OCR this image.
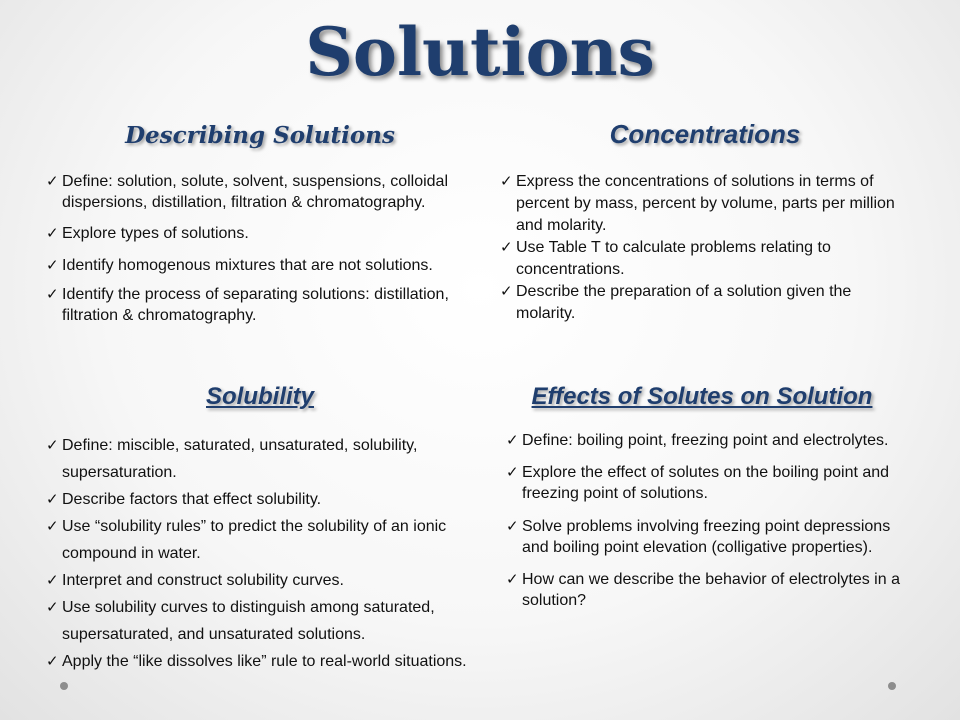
Solutions
Describing Solutions
✓ Define: solution, solute, solvent, suspensions, colloidal dispersions, distillation, filtration & chromatography.
✓ Explore types of solutions.
✓ Identify homogenous mixtures that are not solutions.
✓ Identify the process of separating solutions: distillation, filtration & chromatography.
Concentrations
✓ Express the concentrations of solutions in terms of percent by mass, percent by volume, parts per million and molarity.
✓ Use Table T to calculate problems relating to concentrations.
✓ Describe the preparation of a solution given the molarity.
Solubility
✓ Define: miscible, saturated, unsaturated, solubility, supersaturation.
✓ Describe factors that effect solubility.
✓ Use “solubility rules” to predict the solubility of an ionic compound in water.
✓ Interpret and construct solubility curves.
✓ Use solubility curves to distinguish among saturated, supersaturated, and unsaturated solutions.
✓ Apply the “like dissolves like” rule to real-world situations.
Effects of Solutes on Solution
✓ Define: boiling point, freezing point and electrolytes.
✓ Explore the effect of solutes on the boiling point and freezing point of solutions.
✓ Solve problems involving freezing point depressions and boiling point elevation (colligative properties).
✓ How can we describe the behavior of electrolytes in a solution?
